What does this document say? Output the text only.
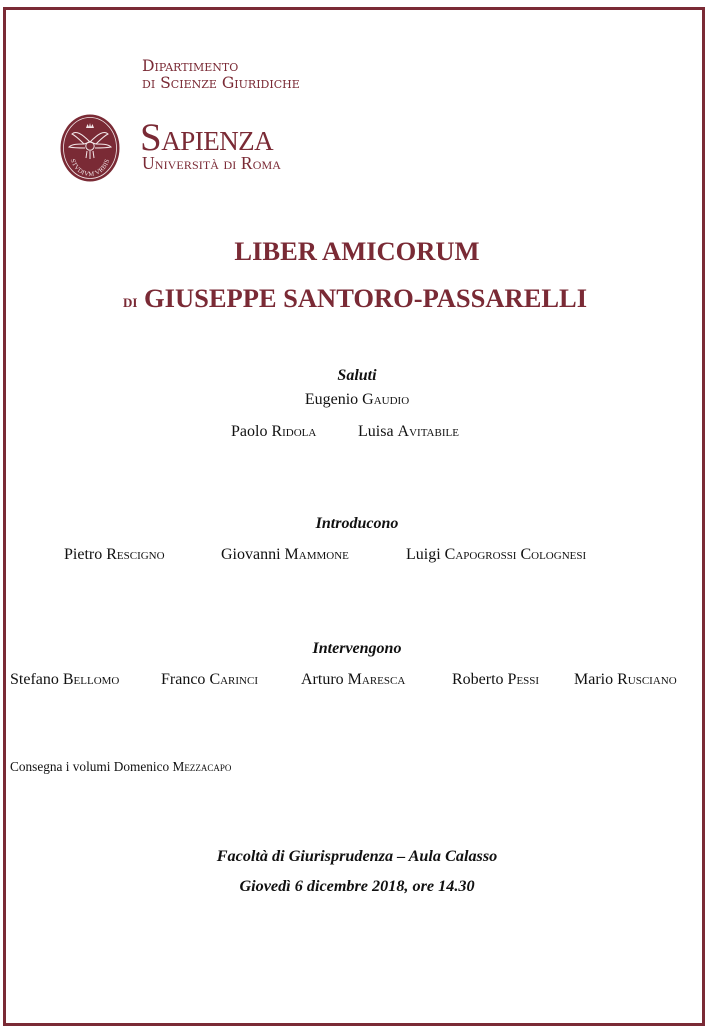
Dipartimento
di Scienze Giuridiche
STVDIVM VRBIS
Sapienza
Università di Roma
LIBER AMICORUM
di GIUSEPPE SANTORO-PASSARELLI
Saluti
Eugenio Gaudio
Paolo Ridola	Luisa Avitabile
Introducono
Pietro Rescigno	Giovanni Mammone	Luigi Capogrossi Colognesi
Intervengono
Stefano Bellomo	Franco Carinci	Arturo Maresca	Roberto Pessi Mario Rusciano
Consegna i volumi Domenico Mezzacapo
Facoltà di Giurisprudenza – Aula Calasso
Giovedì 6 dicembre 2018, ore 14.30
